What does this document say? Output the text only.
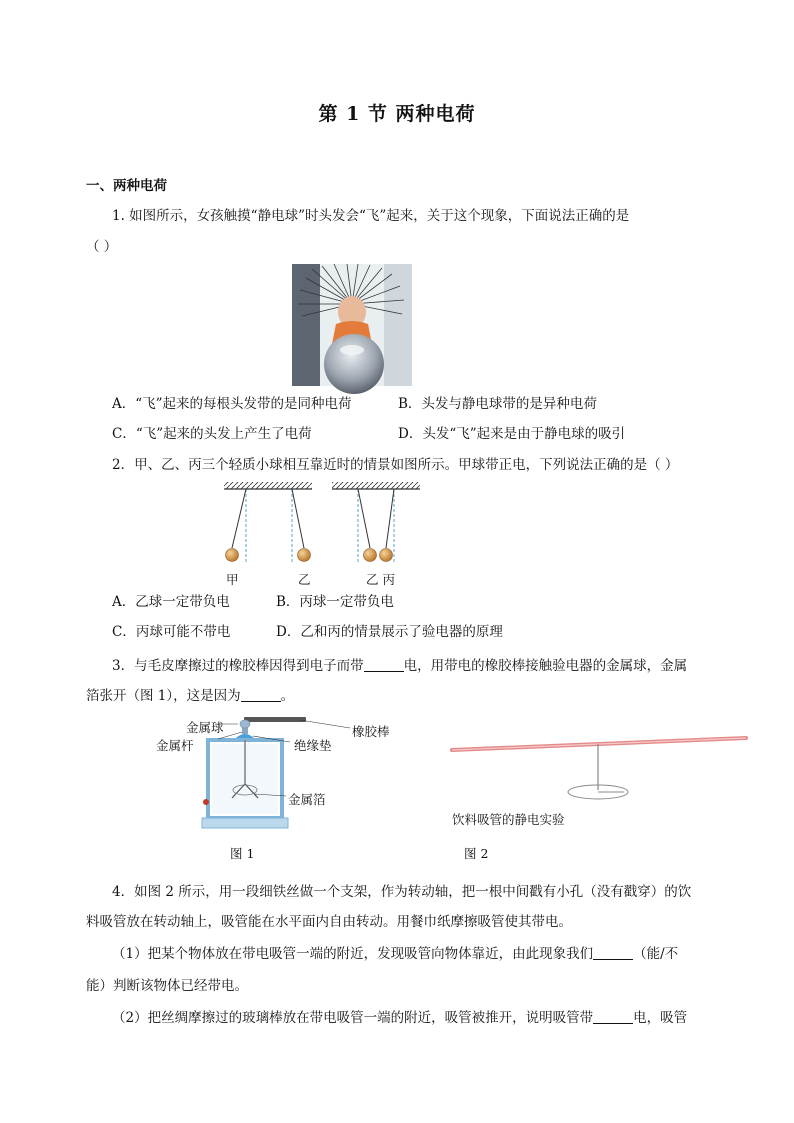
第 1 节 两种电荷
一、两种电荷
1. 如图所示，女孩触摸“静电球”时头发会“飞”起来，关于这个现象，下面说法正确的是
（ ）
A．“飞”起来的每根头发带的是同种电荷	B．头发与静电球带的是异种电荷
C．“飞”起来的头发上产生了电荷	D．头发“飞”起来是由于静电球的吸引
2．甲、乙、丙三个轻质小球相互靠近时的情景如图所示。甲球带正电，下列说法正确的是（ ）
甲	乙	乙 丙
A．乙球一定带负电	B．丙球一定带负电
C．丙球可能不带电	D．乙和丙的情景展示了验电器的原理
3．与毛皮摩擦过的橡胶棒因得到电子而带	电，用带电的橡胶棒接触验电器的金属球，金属
箔张开（图 1），这是因为	。
金属球
金属杆
橡胶棒
绝缘垫
金属箔
图 1
饮料吸管的静电实验
图 2
4．如图 2 所示，用一段细铁丝做一个支架，作为转动轴，把一根中间戳有小孔（没有戳穿）的饮
料吸管放在转动轴上，吸管能在水平面内自由转动。用餐巾纸摩擦吸管使其带电。
（1）把某个物体放在带电吸管一端的附近，发现吸管向物体靠近，由此现象我们	（能/不
能）判断该物体已经带电。
（2）把丝绸摩擦过的玻璃棒放在带电吸管一端的附近，吸管被推开，说明吸管带	电，吸管
